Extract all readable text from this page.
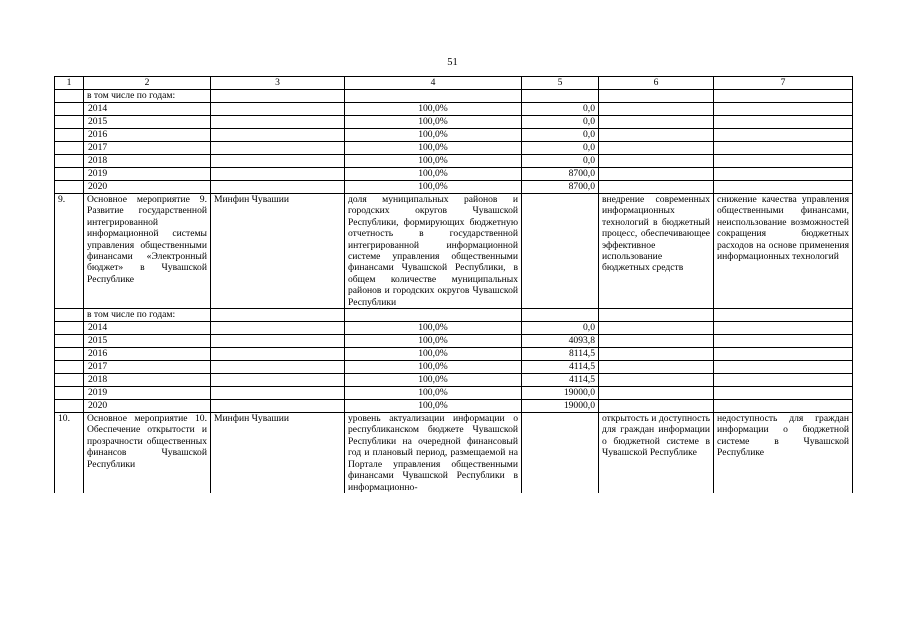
51
1	2	3	4	5	6	7
	в том числе по годам:					
	2014		100,0%	0,0		
	2015		100,0%	0,0		
	2016		100,0%	0,0		
	2017		100,0%	0,0		
	2018		100,0%	0,0		
	2019		100,0%	8700,0		
	2020		100,0%	8700,0		
9.	Основное мероприятие 9. Развитие государственной интегрированной информационной системы управления общественными финансами «Электронный бюджет» в Чувашской Республике	Минфин Чувашии	доля муниципальных районов и городских округов Чувашской Республики, формирующих бюджетную отчетность в государственной интегрированной информационной системе управления общественными финансами Чувашской Республики, в общем количестве муниципальных районов и городских округов Чувашской Республики		внедрение современных информационных технологий в бюджетный процесс, обеспечивающее эффективное использование бюджетных средств	снижение качества управления общественными финансами, неиспользование возможностей сокращения бюджетных расходов на основе применения информационных технологий
	в том числе по годам:					
	2014		100,0%	0,0		
	2015		100,0%	4093,8		
	2016		100,0%	8114,5		
	2017		100,0%	4114,5		
	2018		100,0%	4114,5		
	2019		100,0%	19000,0		
	2020		100,0%	19000,0		
10.	Основное мероприятие 10. Обеспечение открытости и прозрачности общественных финансов Чувашской Республики	Минфин Чувашии	уровень актуализации информации о республиканском бюджете Чувашской Республики на очередной финансовый год и плановый период, размещаемой на Портале управления общественными финансами Чувашской Республики в информационно-		открытость и доступность для граждан информации о бюджетной системе в Чувашской Республике	недоступность для граждан информации о бюджетной системе в Чувашской Республике
